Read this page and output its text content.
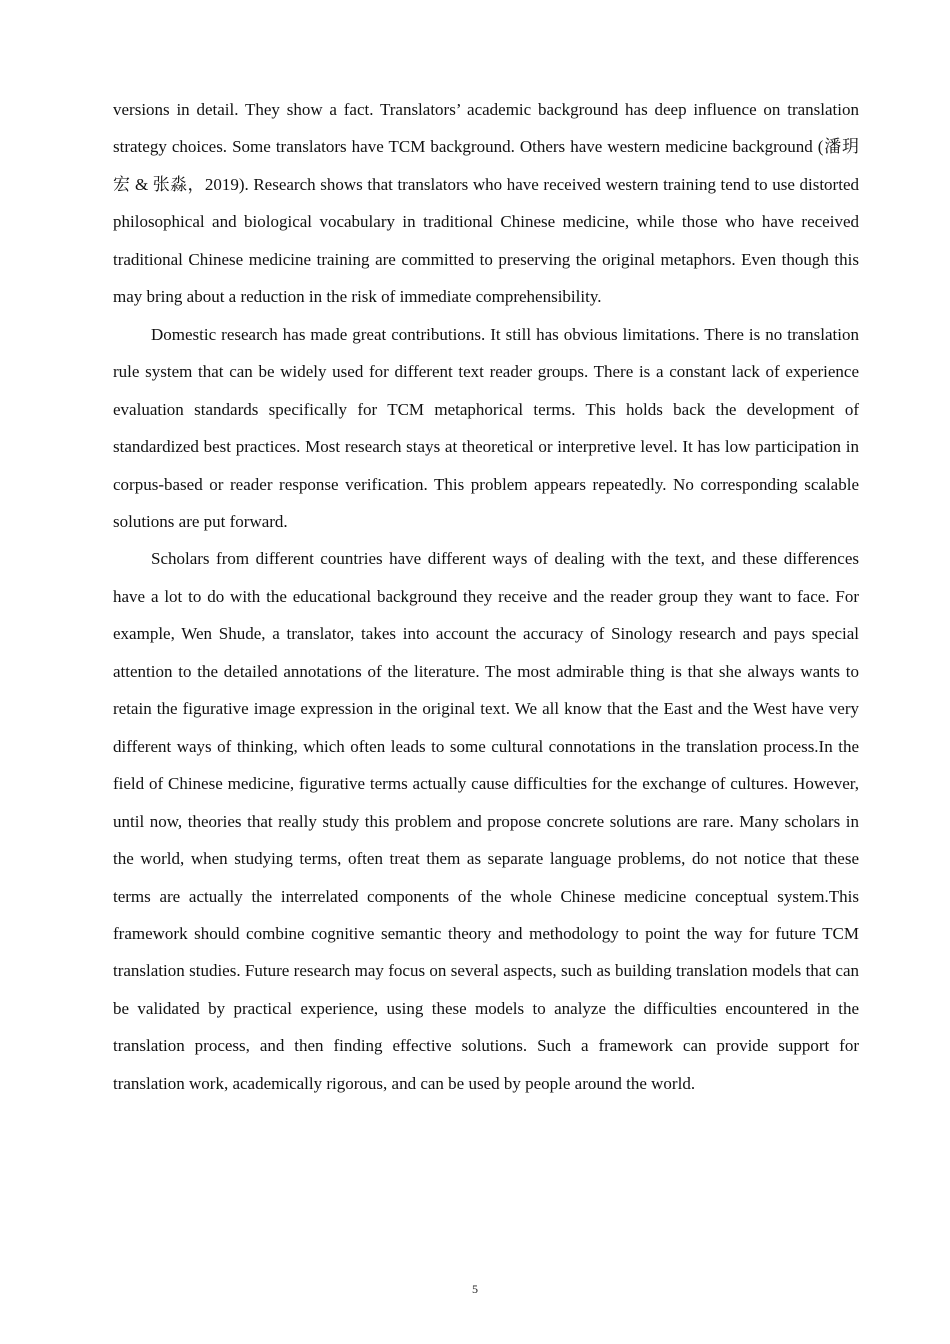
versions in detail. They show a fact. Translators’ academic background has deep influence on translation strategy choices. Some translators have TCM background. Others have western medicine background (潘玥宏 & 张淼，2019). Research shows that translators who have received western training tend to use distorted philosophical and biological vocabulary in traditional Chinese medicine, while those who have received traditional Chinese medicine training are committed to preserving the original metaphors. Even though this may bring about a reduction in the risk of immediate comprehensibility.

Domestic research has made great contributions. It still has obvious limitations. There is no translation rule system that can be widely used for different text reader groups. There is a constant lack of experience evaluation standards specifically for TCM metaphorical terms. This holds back the development of standardized best practices. Most research stays at theoretical or interpretive level. It has low participation in corpus-based or reader response verification. This problem appears repeatedly. No corresponding scalable solutions are put forward.

Scholars from different countries have different ways of dealing with the text, and these differences have a lot to do with the educational background they receive and the reader group they want to face. For example, Wen Shude, a translator, takes into account the accuracy of Sinology research and pays special attention to the detailed annotations of the literature. The most admirable thing is that she always wants to retain the figurative image expression in the original text. We all know that the East and the West have very different ways of thinking, which often leads to some cultural connotations in the translation process.In the field of Chinese medicine, figurative terms actually cause difficulties for the exchange of cultures. However, until now, theories that really study this problem and propose concrete solutions are rare. Many scholars in the world, when studying terms, often treat them as separate language problems, do not notice that these terms are actually the interrelated components of the whole Chinese medicine conceptual system.This framework should combine cognitive semantic theory and methodology to point the way for future TCM translation studies. Future research may focus on several aspects, such as building translation models that can be validated by practical experience, using these models to analyze the difficulties encountered in the translation process, and then finding effective solutions. Such a framework can provide support for translation work, academically rigorous, and can be used by people around the world.

5
